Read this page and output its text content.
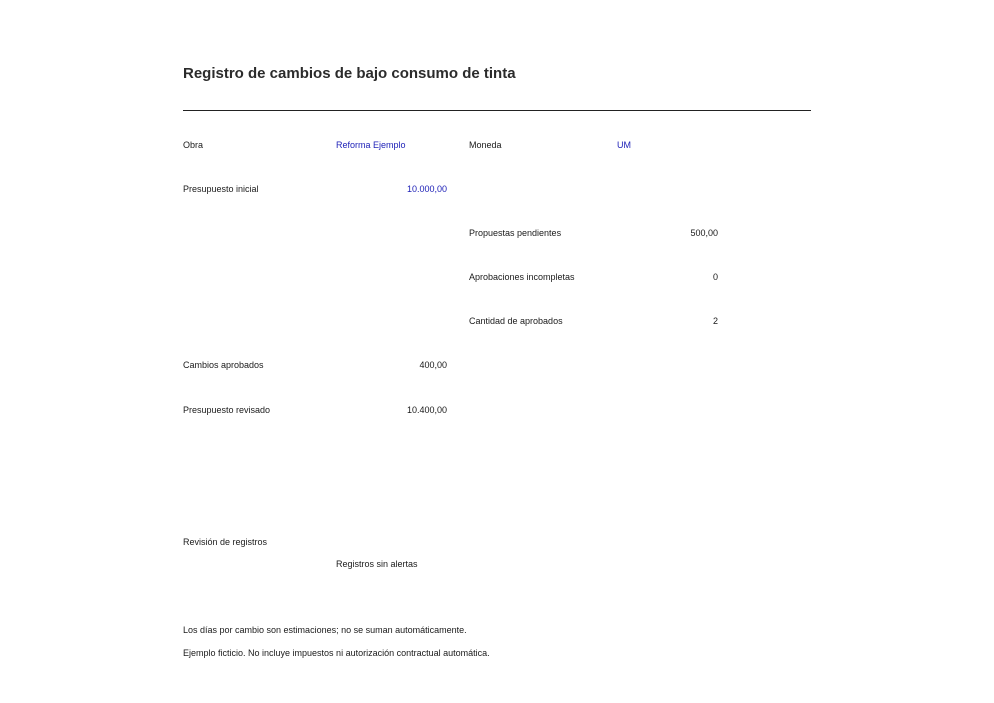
Registro de cambios de bajo consumo de tinta
Obra	Reforma Ejemplo	Moneda	UM
Presupuesto inicial	10.000,00
Propuestas pendientes	500,00
Aprobaciones incompletas	0
Cantidad de aprobados	2
Cambios aprobados	400,00
Presupuesto revisado	10.400,00
Revisión de registros
Registros sin alertas
Los días por cambio son estimaciones; no se suman automáticamente.
Ejemplo ficticio. No incluye impuestos ni autorización contractual automática.
